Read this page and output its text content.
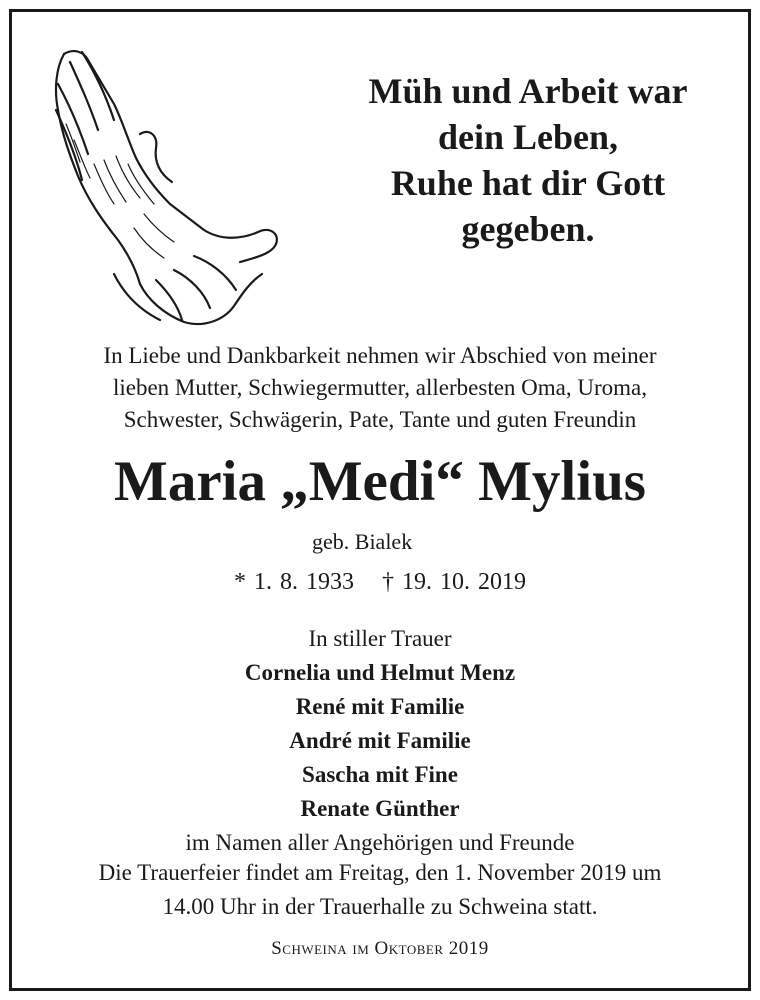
Müh und Arbeit war
dein Leben,
Ruhe hat dir Gott
gegeben.
In Liebe und Dankbarkeit nehmen wir Abschied von meiner
lieben Mutter, Schwiegermutter, allerbesten Oma, Uroma,
Schwester, Schwägerin, Pate, Tante und guten Freundin
Maria „Medi“ Mylius
geb. Bialek
* 1. 8. 1933 † 19. 10. 2019
In stiller Trauer
Cornelia und Helmut Menz
René mit Familie
André mit Familie
Sascha mit Fine
Renate Günther
im Namen aller Angehörigen und Freunde
Die Trauerfeier findet am Freitag, den 1. November 2019 um
14.00 Uhr in der Trauerhalle zu Schweina statt.
Schweina im Oktober 2019
